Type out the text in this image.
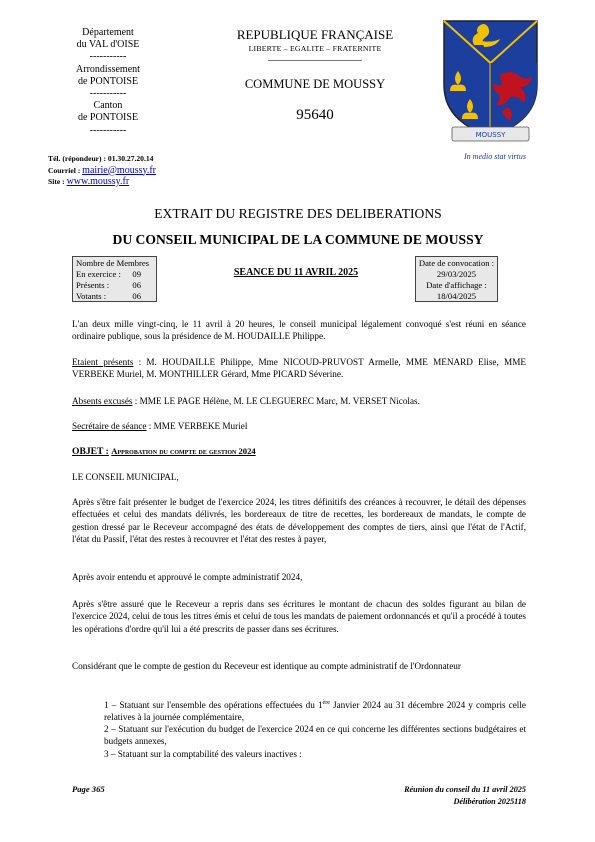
Département
du VAL d'OISE
-----------
Arrondissement
de PONTOISE
-----------
Canton
de PONTOISE
-----------
Tél. (répondeur) : 01.30.27.20.14
Courriel : mairie@moussy.fr
Site : www.moussy.fr
REPUBLIQUE FRANÇAISE
LIBERTE – EGALITE – FRATERNITE
COMMUNE DE MOUSSY
95640
MOUSSY
In medio stat virtus
EXTRAIT DU REGISTRE DES DELIBERATIONS
DU CONSEIL MUNICIPAL DE LA COMMUNE DE MOUSSY
Nombre de Membres
En exercice : 09
Présents :	06
Votants :	06
SEANCE DU 11 AVRIL 2025
Date de convocation :
29/03/2025
Date d'affichage :
18/04/2025
L'an deux mille vingt-cinq, le 11 avril à 20 heures, le conseil municipal légalement convoqué s'est réuni en séance ordinaire publique, sous la présidence de M. HOUDAILLE Philippe.
Etaient présents : M. HOUDAILLE Philippe, Mme NICOUD-PRUVOST Armelle, MME MENARD Elise, MME VERBEKE Muriel, M. MONTHILLER Gérard, Mme PICARD Séverine.
Absents excusés : MME LE PAGE Hélène, M. LE CLEGUEREC Marc, M. VERSET Nicolas.
Secrétaire de séance : MME VERBEKE Muriel
OBJET : Approbation du compte de gestion 2024
LE CONSEIL MUNICIPAL,
Après s'être fait présenter le budget de l'exercice 2024, les titres définitifs des créances à recouvrer, le détail des dépenses effectuées et celui des mandats délivrés, les bordereaux de titre de recettes, les bordereaux de mandats, le compte de gestion dressé par le Receveur accompagné des états de développement des comptes de tiers, ainsi que l'état de l'Actif, l'état du Passif, l'état des restes à recouvrer et l'état des restes à payer,
Après avoir entendu et approuvé le compte administratif 2024,
Après s'être assuré que le Receveur a repris dans ses écritures le montant de chacun des soldes figurant au bilan de l'exercice 2024, celui de tous les titres émis et celui de tous les mandats de paiement ordonnancés et qu'il a procédé à toutes les opérations d'ordre qu'il lui a été prescrits de passer dans ses écritures.
Considérant que le compte de gestion du Receveur est identique au compte administratif de l'Ordonnateur
1 – Statuant sur l'ensemble des opérations effectuées du 1ère Janvier 2024 au 31 décembre 2024 y compris celle relatives à la journée complémentaire,
2 – Statuant sur l'exécution du budget de l'exercice 2024 en ce qui concerne les différentes sections budgétaires et budgets annexes,
3 – Statuant sur la comptabilité des valeurs inactives :
Page 365	Réunion du conseil du 11 avril 2025
Délibération 2025118
